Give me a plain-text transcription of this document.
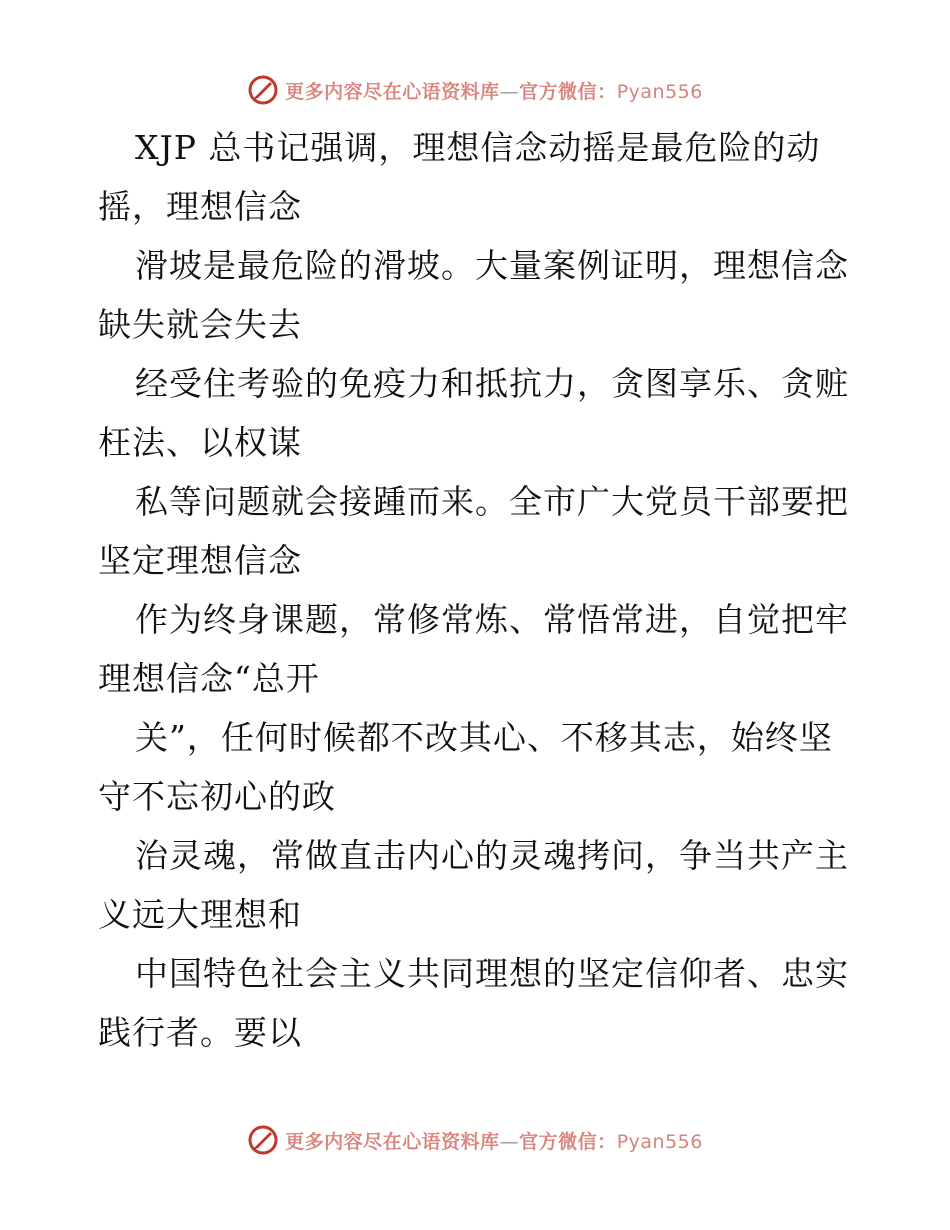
更多内容尽在心语资料库—官方微信：Pyan556
XJP 总书记强调，理想信念动摇是最危险的动
摇，理想信念
滑坡是最危险的滑坡。大量案例证明，理想信念
缺失就会失去
经受住考验的免疫力和抵抗力，贪图享乐、贪赃
枉法、以权谋
私等问题就会接踵而来。全市广大党员干部要把
坚定理想信念
作为终身课题，常修常炼、常悟常进，自觉把牢
理想信念“总开
关”，任何时候都不改其心、不移其志，始终坚
守不忘初心的政
治灵魂，常做直击内心的灵魂拷问，争当共产主
义远大理想和
中国特色社会主义共同理想的坚定信仰者、忠实
践行者。要以
更多内容尽在心语资料库—官方微信：Pyan556
